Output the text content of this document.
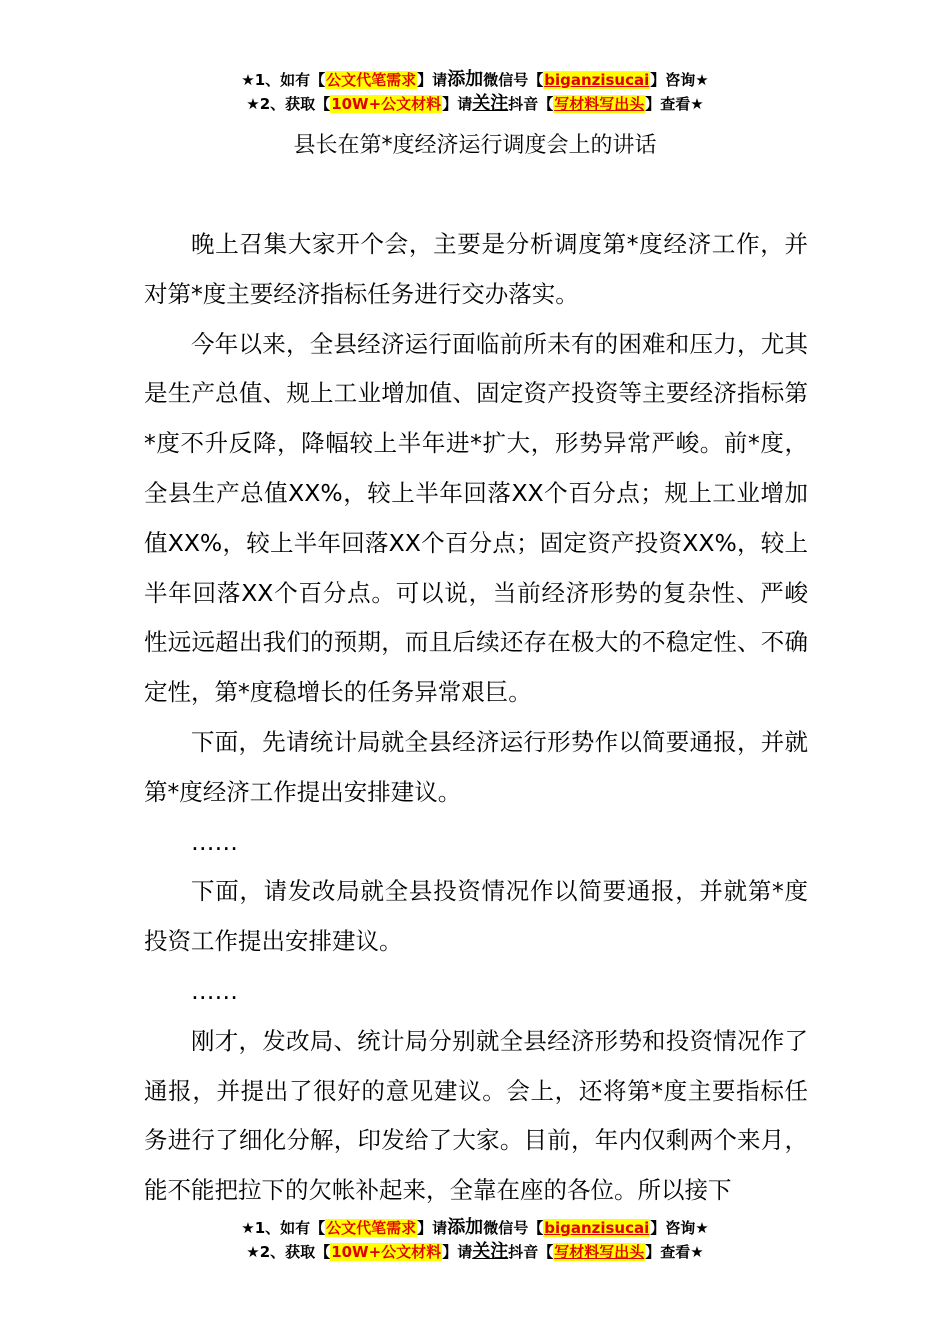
★1、如有【公文代笔需求】请添加微信号【biganzisucai】咨询★
★2、获取【10W+公文材料】请关注抖音【写材料写出头】查看★
县长在第*度经济运行调度会上的讲话

晚上召集大家开个会，主要是分析调度第*度经济工作，并对第*度主要经济指标任务进行交办落实。

今年以来，全县经济运行面临前所未有的困难和压力，尤其是生产总值、规上工业增加值、固定资产投资等主要经济指标第*度不升反降，降幅较上半年进*扩大，形势异常严峻。前*度，全县生产总值XX%，较上半年回落XX个百分点；规上工业增加值XX%，较上半年回落XX个百分点；固定资产投资XX%，较上半年回落XX个百分点。可以说，当前经济形势的复杂性、严峻性远远超出我们的预期，而且后续还存在极大的不稳定性、不确定性，第*度稳增长的任务异常艰巨。

下面，先请统计局就全县经济运行形势作以简要通报，并就第*度经济工作提出安排建议。

……

下面，请发改局就全县投资情况作以简要通报，并就第*度投资工作提出安排建议。

……

刚才，发改局、统计局分别就全县经济形势和投资情况作了通报，并提出了很好的意见建议。会上，还将第*度主要指标任务进行了细化分解，印发给了大家。目前，年内仅剩两个来月，能不能把拉下的欠帐补起来，全靠在座的各位。所以接下

★1、如有【公文代笔需求】请添加微信号【biganzisucai】咨询★
★2、获取【10W+公文材料】请关注抖音【写材料写出头】查看★
